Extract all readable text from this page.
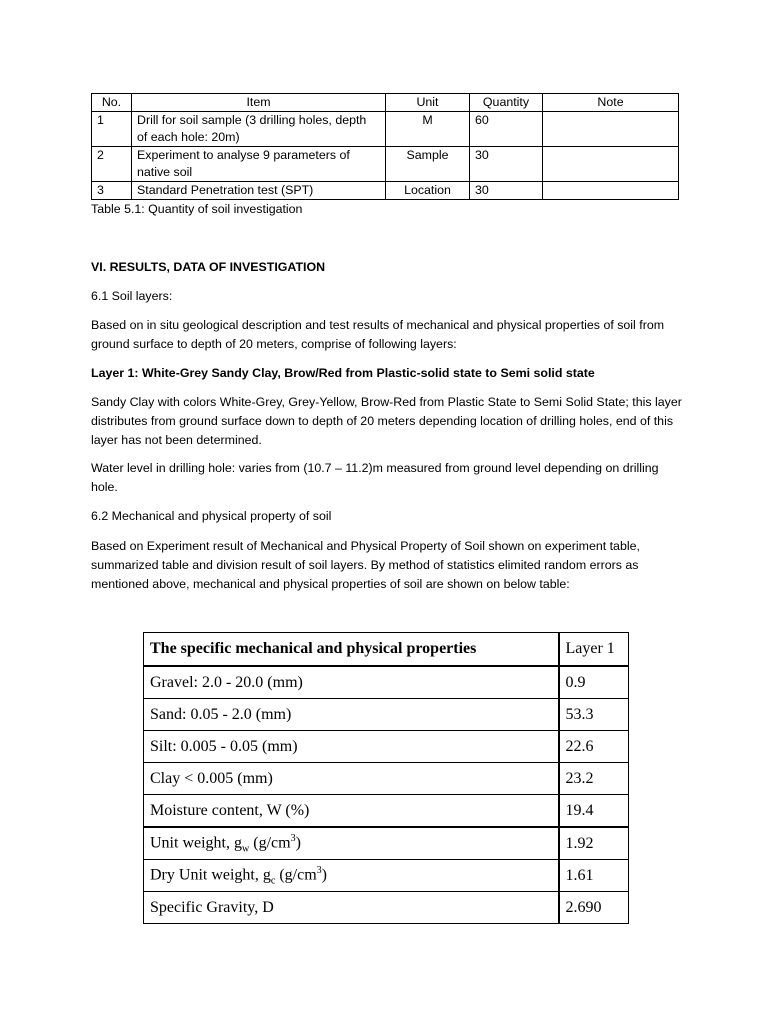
No.	Item	Unit	Quantity	Note
1	Drill for soil sample (3 drilling holes, depth of each hole: 20m)	M	60	
2	Experiment to analyse 9 parameters of native soil	Sample	30	
3	Standard Penetration test (SPT)	Location	30	
Table 5.1: Quantity of soil investigation

VI. RESULTS, DATA OF INVESTIGATION

6.1 Soil layers:

Based on in situ geological description and test results of mechanical and physical properties of soil from ground surface to depth of 20 meters, comprise of following layers:

Layer 1: White-Grey Sandy Clay, Brow/Red from Plastic-solid state to Semi solid state

Sandy Clay with colors White-Grey, Grey-Yellow, Brow-Red from Plastic State to Semi Solid State; this layer distributes from ground surface down to depth of 20 meters depending location of drilling holes, end of this layer has not been determined.

Water level in drilling hole: varies from (10.7 – 11.2)m measured from ground level depending on drilling hole.

6.2 Mechanical and physical property of soil

Based on Experiment result of Mechanical and Physical Property of Soil shown on experiment table, summarized table and division result of soil layers. By method of statistics elimited random errors as mentioned above, mechanical and physical properties of soil are shown on below table:

The specific mechanical and physical properties	Layer 1
Gravel: 2.0 - 20.0 (mm)	0.9
Sand: 0.05 - 2.0 (mm)	53.3
Silt: 0.005 - 0.05 (mm)	22.6
Clay < 0.005 (mm)	23.2
Moisture content, W (%)	19.4
Unit weight, $g_w$ $(g/cm^3)$	1.92
Dry Unit weight, $g_c$ $(g/cm^3)$	1.61
Specific Gravity, D	2.690
